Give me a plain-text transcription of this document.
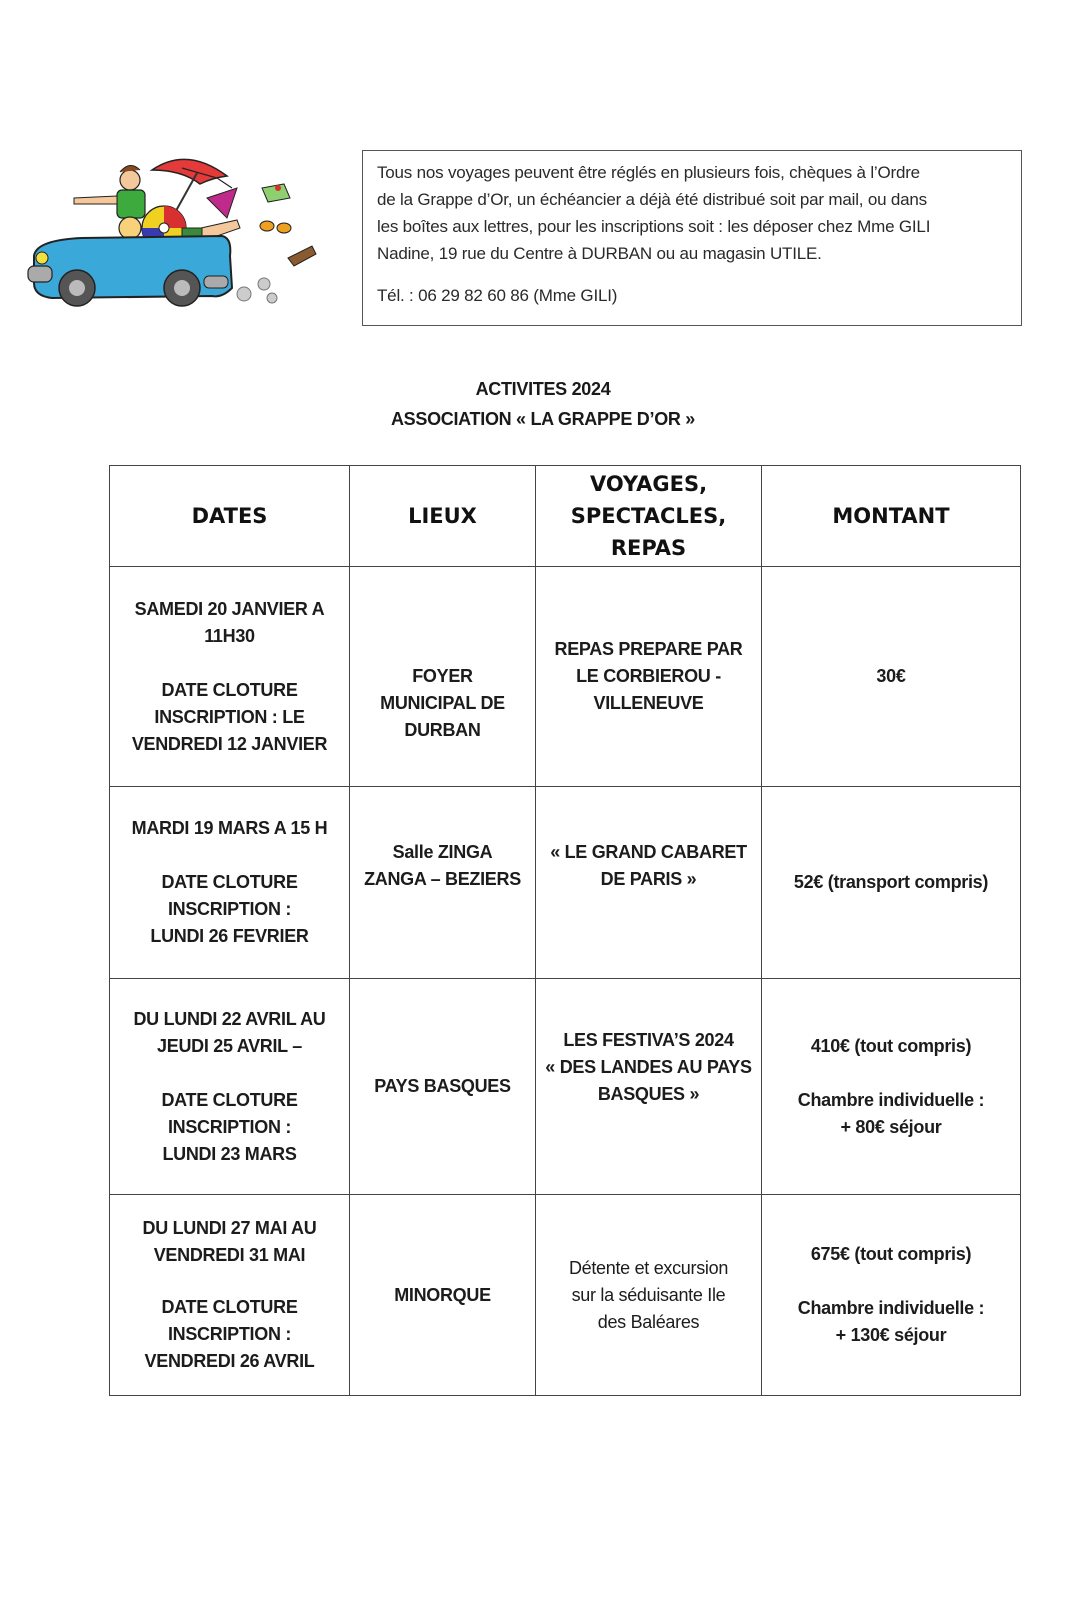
Tous nos voyages peuvent être réglés en plusieurs fois, chèques à l’Ordre

de la Grappe d’Or, un échéancier a déjà été distribué soit par mail, ou dans

les boîtes aux lettres, pour les inscriptions soit : les déposer chez Mme GILI

Nadine, 19 rue du Centre à DURBAN ou au magasin UTILE.

Tél. : 06 29 82 60 86 (Mme GILI)

ACTIVITES 2024
ASSOCIATION « LA GRAPPE D’OR »
DATES	LIEUX	VOYAGES,
SPECTACLES,
REPAS	MONTANT

SAMEDI 20 JANVIER A
11H30
DATE CLOTURE
INSCRIPTION : LE
VENDREDI 12 JANVIER	FOYER
MUNICIPAL DE
DURBAN	REPAS PREPARE PAR
LE CORBIEROU -
VILLENEUVE	30€

MARDI 19 MARS A 15 H
DATE CLOTURE
INSCRIPTION :
LUNDI 26 FEVRIER	Salle ZINGA
ZANGA – BEZIERS	« LE GRAND CABARET
DE PARIS »	52€ (transport compris)

DU LUNDI 22 AVRIL AU
JEUDI 25 AVRIL –
DATE CLOTURE
INSCRIPTION :
LUNDI 23 MARS	PAYS BASQUES	LES FESTIVA’S 2024
« DES LANDES AU PAYS
BASQUES »	410€ (tout compris)
Chambre individuelle :
+ 80€ séjour

DU LUNDI 27 MAI AU
VENDREDI 31 MAI
DATE CLOTURE
INSCRIPTION :
VENDREDI 26 AVRIL	MINORQUE	Détente et excursion
sur la séduisante Ile
des Baléares	675€ (tout compris)
Chambre individuelle :
+ 130€ séjour
